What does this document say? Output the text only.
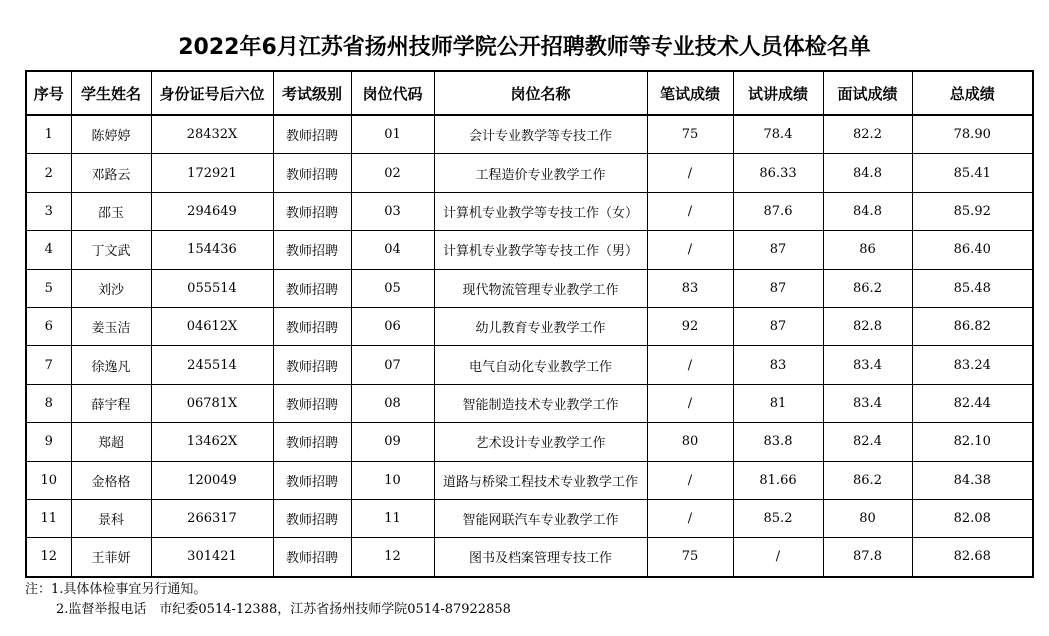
2022年6月江苏省扬州技师学院公开招聘教师等专业技术人员体检名单
序号	学生姓名	身份证号后六位	考试级别	岗位代码	岗位名称	笔试成绩	试讲成绩	面试成绩	总成绩
1	陈婷婷	28432X	教师招聘	01	会计专业教学等专技工作	75	78.4	82.2	78.90
2	邓路云	172921	教师招聘	02	工程造价专业教学工作	/	86.33	84.8	85.41
3	邵玉	294649	教师招聘	03	计算机专业教学等专技工作（女）	/	87.6	84.8	85.92
4	丁文武	154436	教师招聘	04	计算机专业教学等专技工作（男）	/	87	86	86.40
5	刘沙	055514	教师招聘	05	现代物流管理专业教学工作	83	87	86.2	85.48
6	姜玉洁	04612X	教师招聘	06	幼儿教育专业教学工作	92	87	82.8	86.82
7	徐逸凡	245514	教师招聘	07	电气自动化专业教学工作	/	83	83.4	83.24
8	薛宇程	06781X	教师招聘	08	智能制造技术专业教学工作	/	81	83.4	82.44
9	郑超	13462X	教师招聘	09	艺术设计专业教学工作	80	83.8	82.4	82.10
10	金格格	120049	教师招聘	10	道路与桥梁工程技术专业教学工作	/	81.66	86.2	84.38
11	景科	266317	教师招聘	11	智能网联汽车专业教学工作	/	85.2	80	82.08
12	王菲妍	301421	教师招聘	12	图书及档案管理专技工作	75	/	87.8	82.68
注：1.具体体检事宜另行通知。
2.监督举报电话　市纪委0514-12388，江苏省扬州技师学院0514-87922858
